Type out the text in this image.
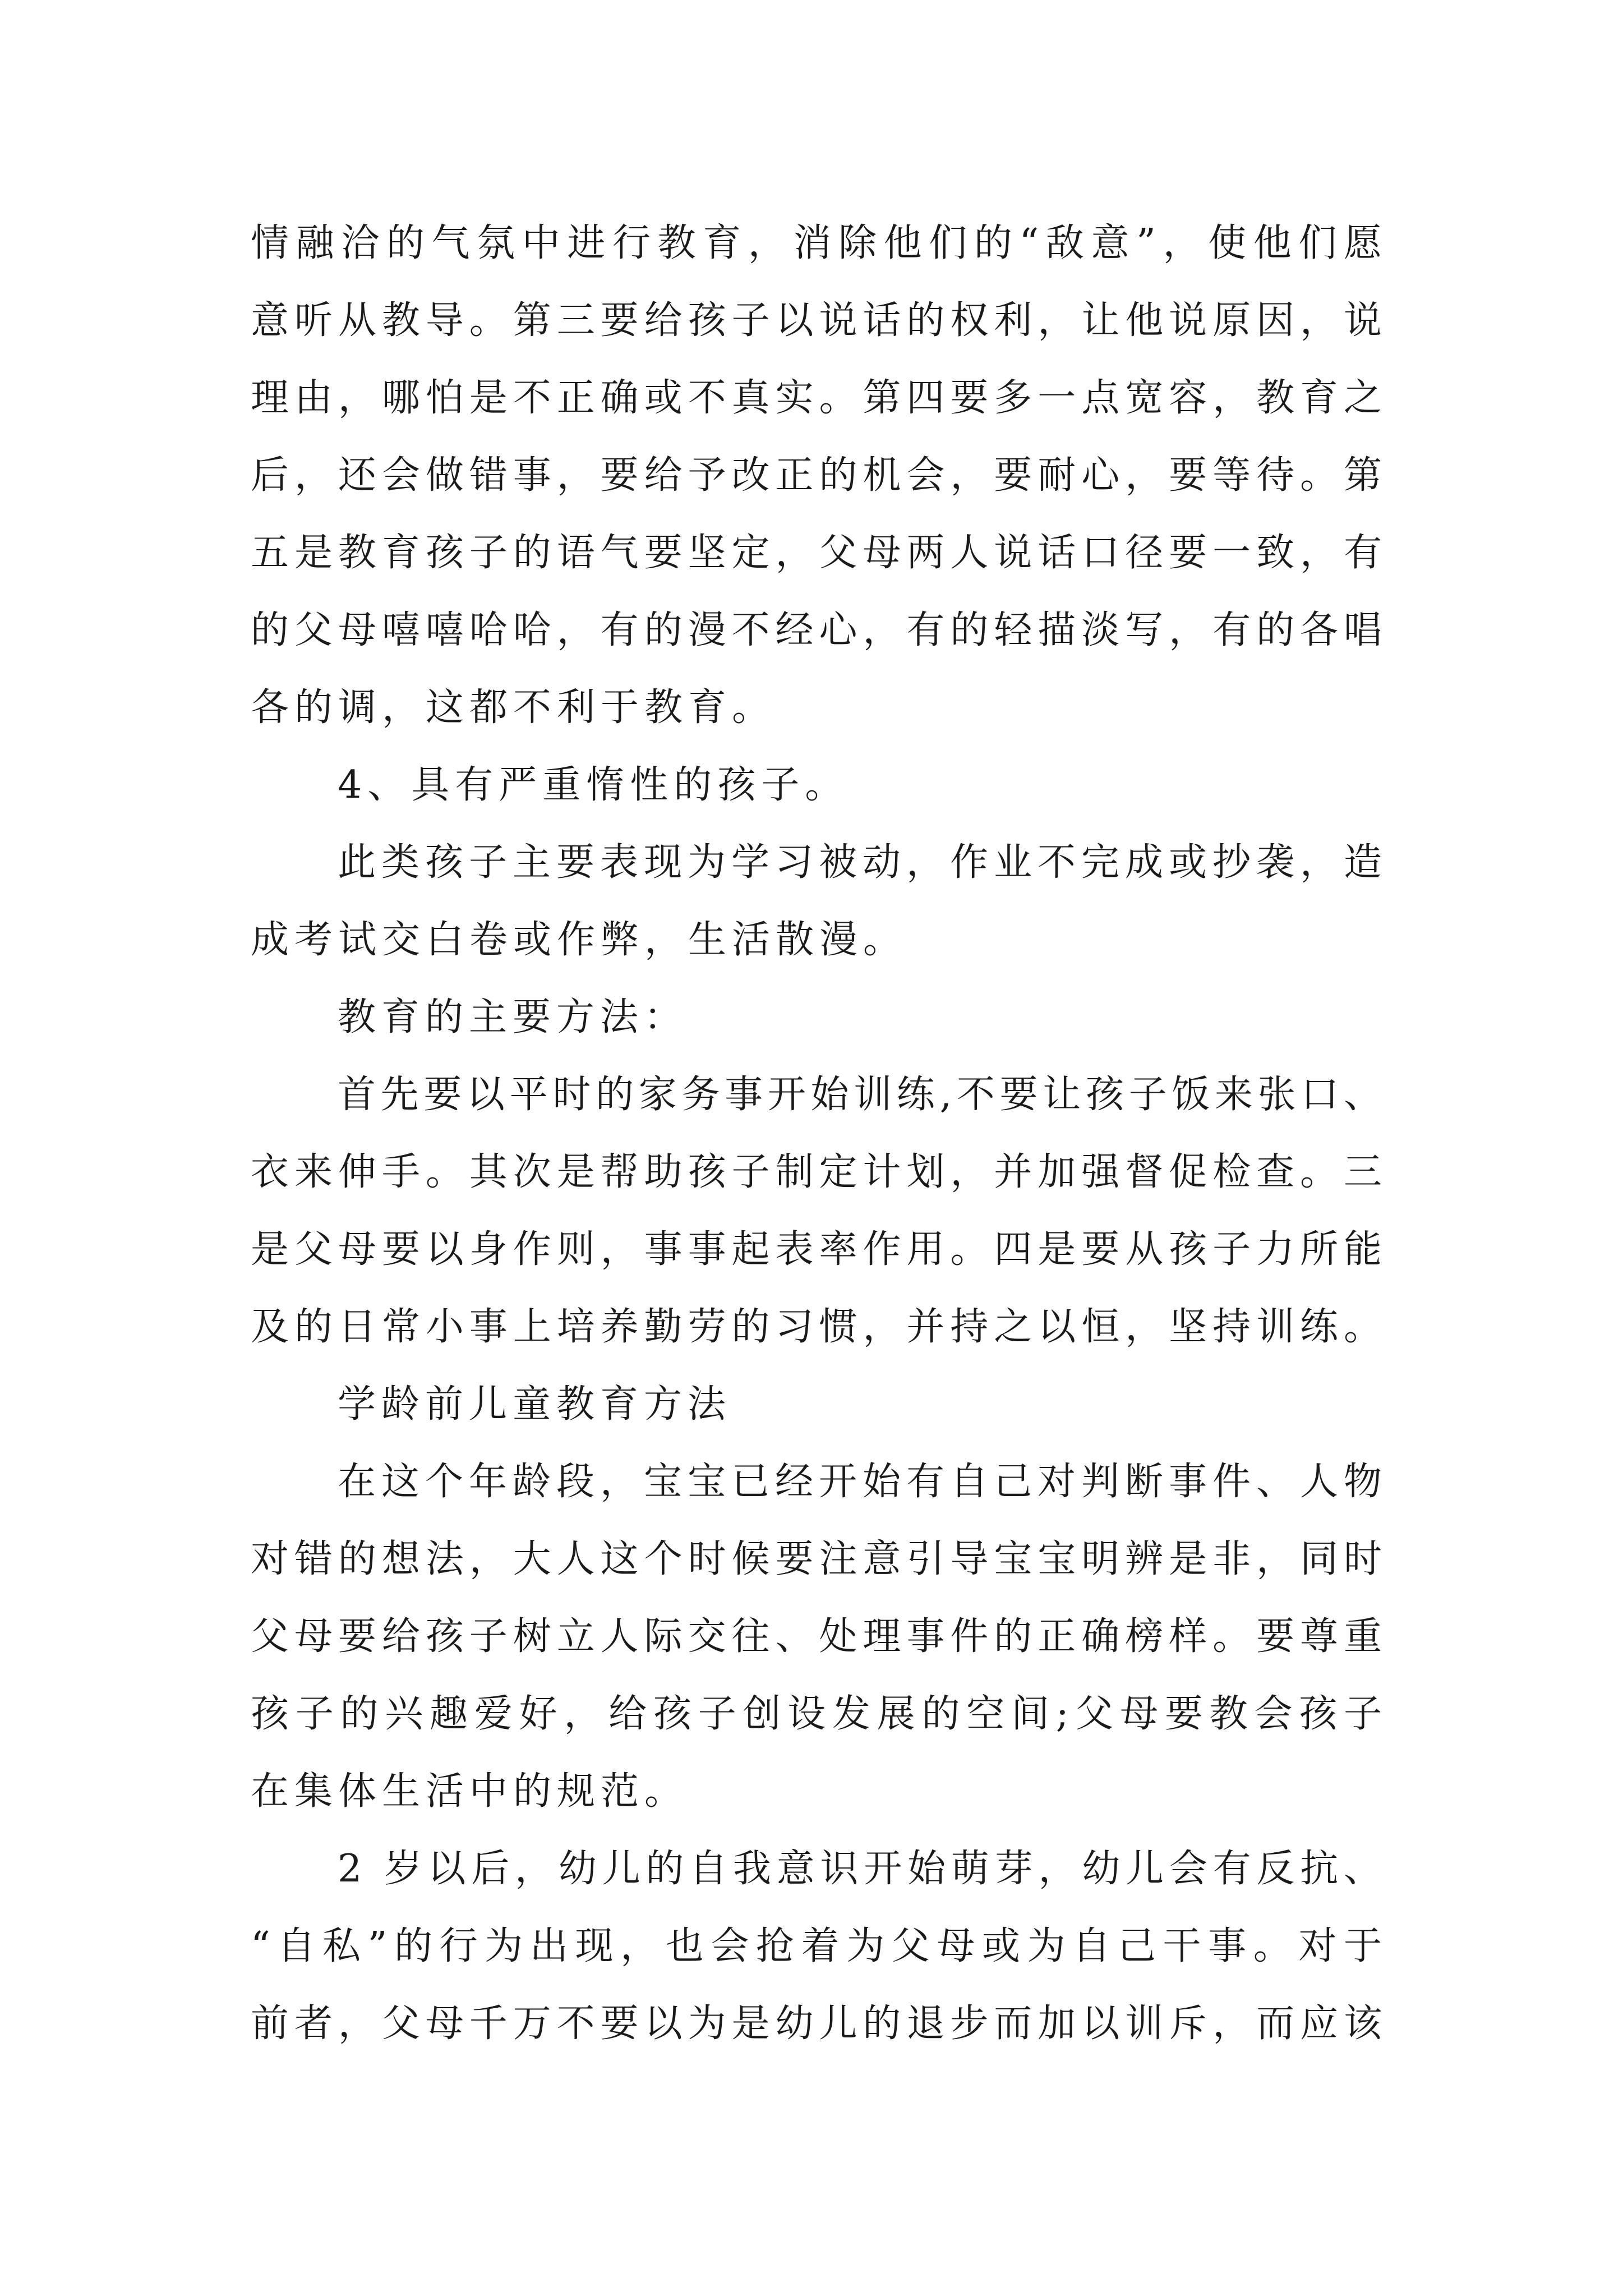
情融洽的气氛中进行教育，消除他们的“敌意”，使他们愿
意听从教导。第三要给孩子以说话的权利，让他说原因，说
理由，哪怕是不正确或不真实。第四要多一点宽容，教育之
后，还会做错事，要给予改正的机会，要耐心，要等待。第
五是教育孩子的语气要坚定，父母两人说话口径要一致，有
的父母嘻嘻哈哈，有的漫不经心，有的轻描淡写，有的各唱
各的调，这都不利于教育。
4、具有严重惰性的孩子。
此类孩子主要表现为学习被动，作业不完成或抄袭，造
成考试交白卷或作弊，生活散漫。
教育的主要方法：
首先要以平时的家务事开始训练,不要让孩子饭来张口、
衣来伸手。其次是帮助孩子制定计划，并加强督促检查。三
是父母要以身作则，事事起表率作用。四是要从孩子力所能
及的日常小事上培养勤劳的习惯，并持之以恒，坚持训练。
学龄前儿童教育方法
在这个年龄段，宝宝已经开始有自己对判断事件、人物
对错的想法，大人这个时候要注意引导宝宝明辨是非，同时
父母要给孩子树立人际交往、处理事件的正确榜样。要尊重
孩子的兴趣爱好，给孩子创设发展的空间;父母要教会孩子
在集体生活中的规范。
2 岁以后，幼儿的自我意识开始萌芽，幼儿会有反抗、
“自私”的行为出现，也会抢着为父母或为自己干事。对于
前者，父母千万不要以为是幼儿的退步而加以训斥，而应该
